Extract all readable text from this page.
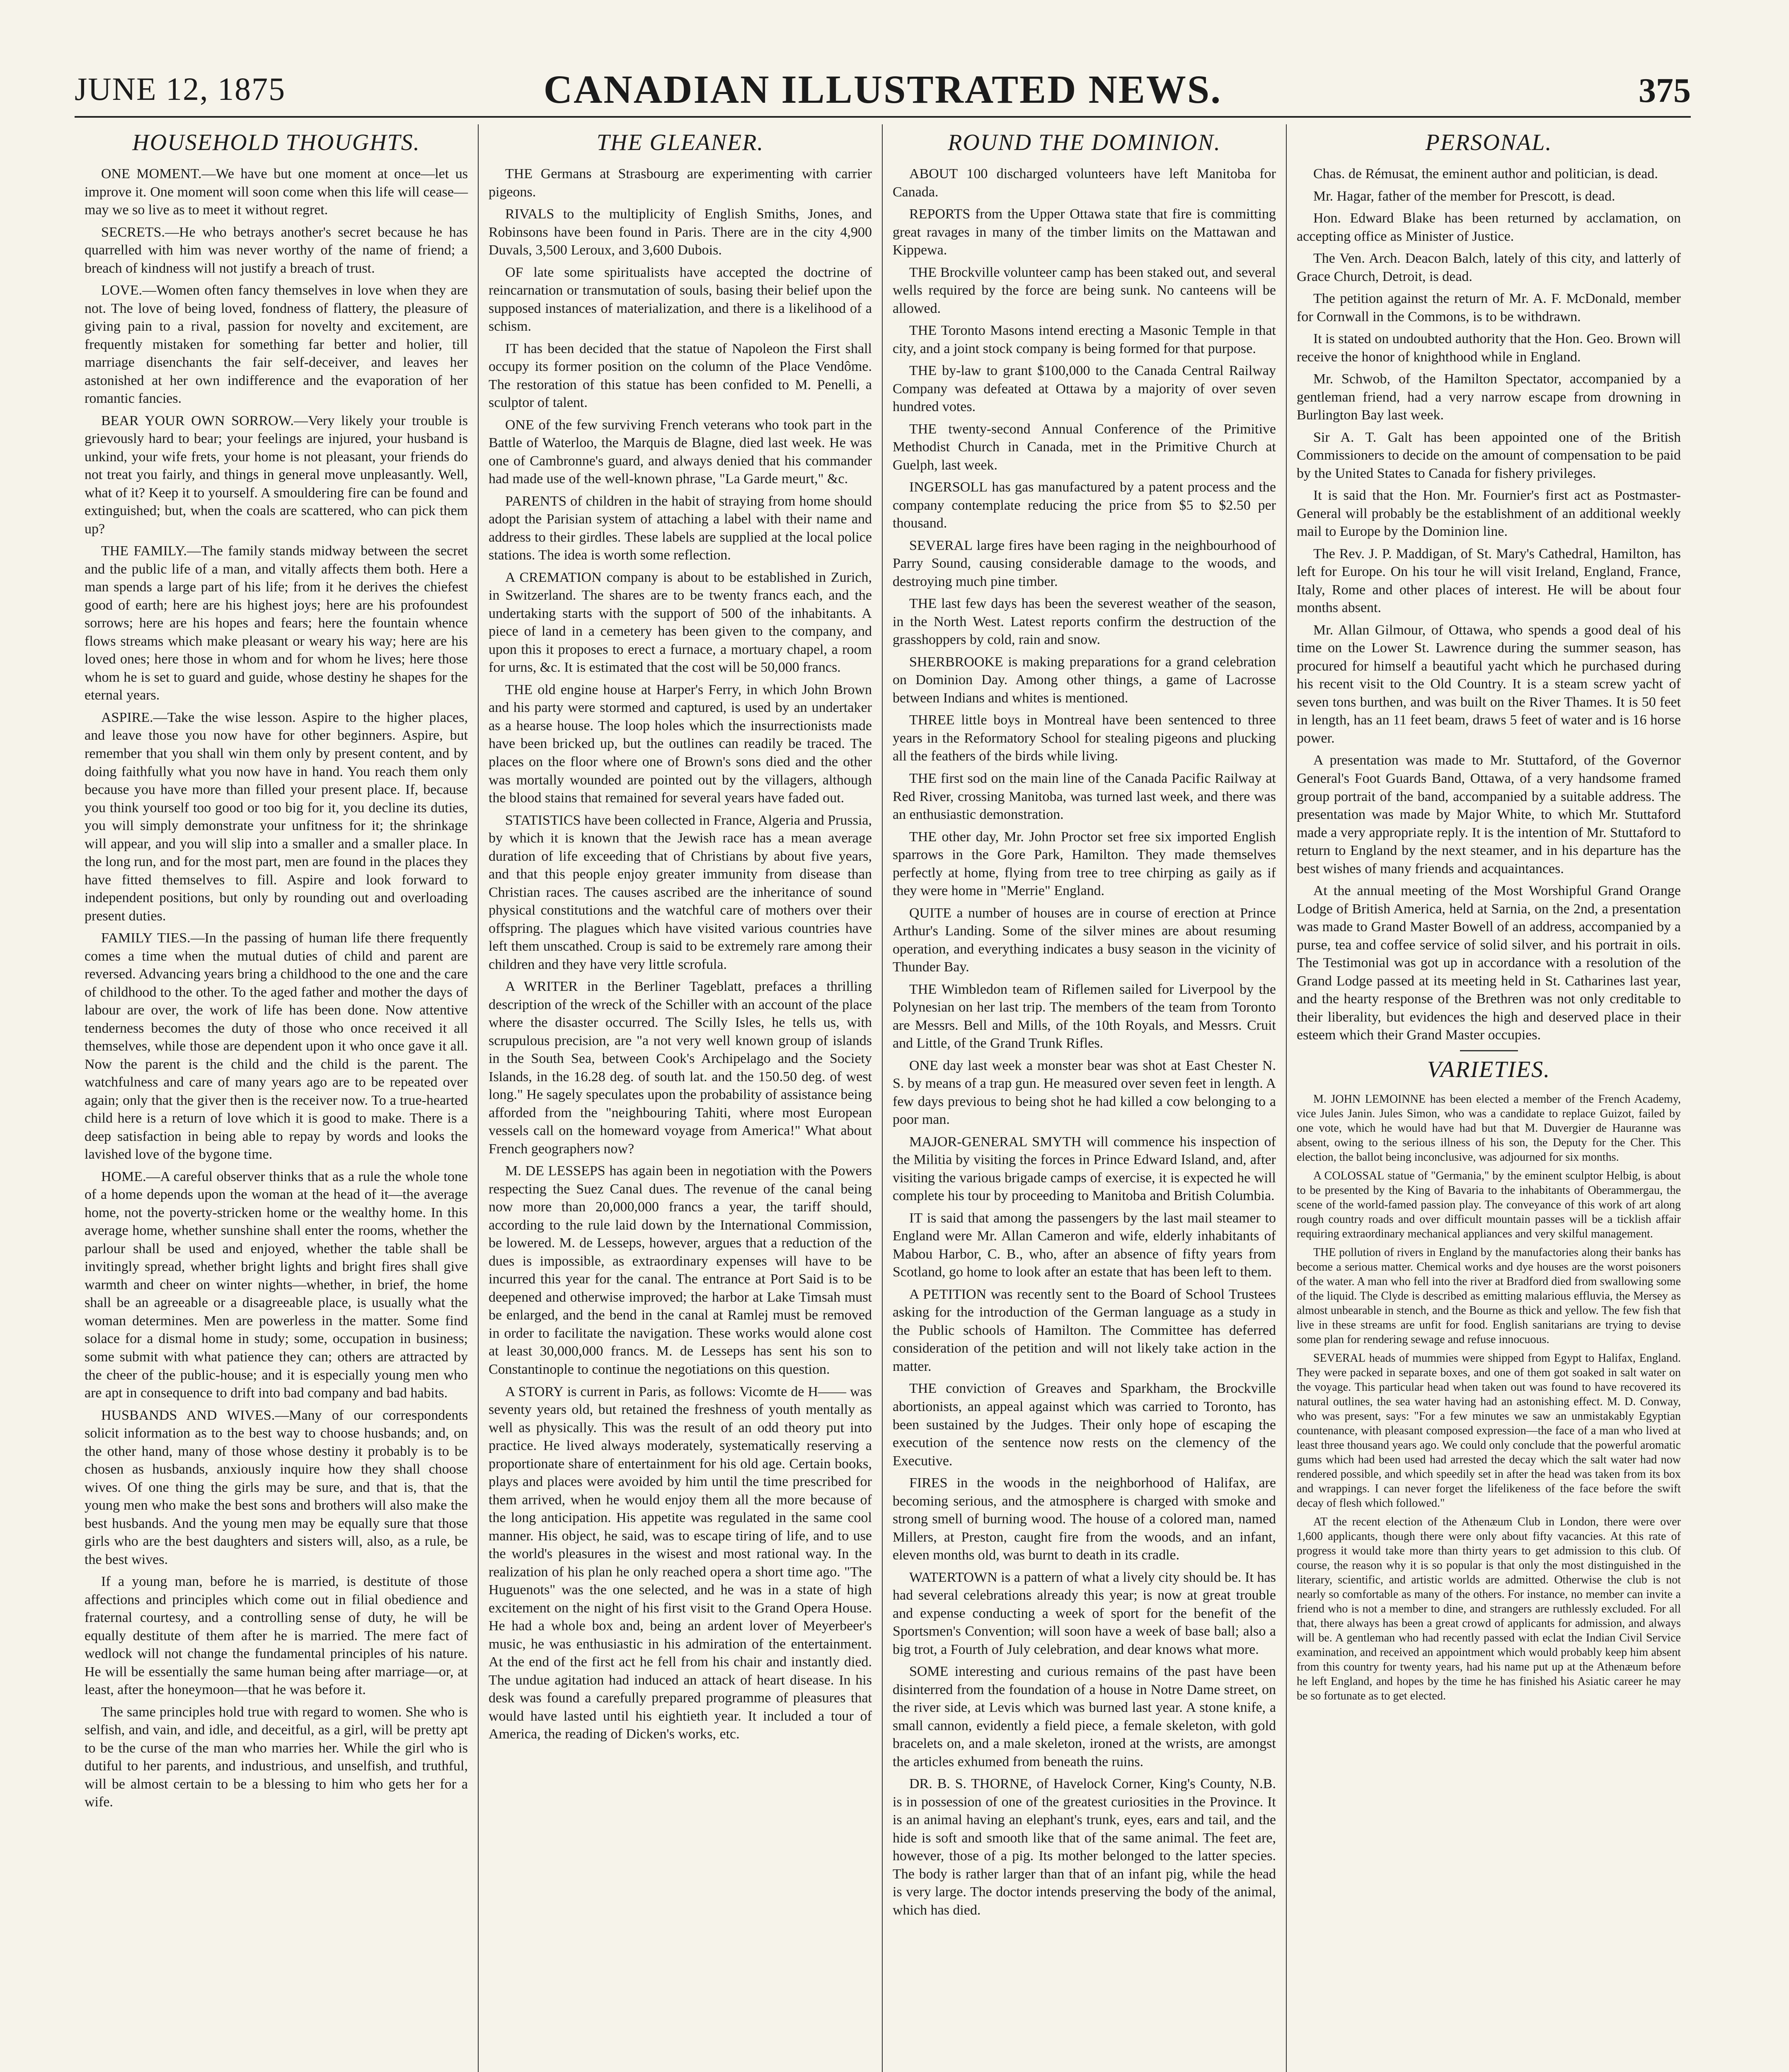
JUNE 12, 1875	CANADIAN ILLUSTRATED NEWS.	375
HOUSEHOLD THOUGHTS.

ONE MOMENT.—We have but one moment at once—let us improve it. One moment will soon come when this life will cease—may we so live as to meet it without regret.

SECRETS.—He who betrays another's secret because he has quarrelled with him was never worthy of the name of friend; a breach of kindness will not justify a breach of trust.

LOVE.—Women often fancy themselves in love when they are not. The love of being loved, fondness of flattery, the pleasure of giving pain to a rival, passion for novelty and excitement, are frequently mistaken for something far better and holier, till marriage disenchants the fair self-deceiver, and leaves her astonished at her own indifference and the evaporation of her romantic fancies.

BEAR YOUR OWN SORROW.—Very likely your trouble is grievously hard to bear; your feelings are injured, your husband is unkind, your wife frets, your home is not pleasant, your friends do not treat you fairly, and things in general move unpleasantly. Well, what of it? Keep it to yourself. A smouldering fire can be found and extinguished; but, when the coals are scattered, who can pick them up?

THE FAMILY.—The family stands midway between the secret and the public life of a man, and vitally affects them both. Here a man spends a large part of his life; from it he derives the chiefest good of earth; here are his highest joys; here are his profoundest sorrows; here are his hopes and fears; here the fountain whence flows streams which make pleasant or weary his way; here are his loved ones; here those in whom and for whom he lives; here those whom he is set to guard and guide, whose destiny he shapes for the eternal years.

ASPIRE.—Take the wise lesson. Aspire to the higher places, and leave those you now have for other beginners. Aspire, but remember that you shall win them only by present content, and by doing faithfully what you now have in hand. You reach them only because you have more than filled your present place. If, because you think yourself too good or too big for it, you decline its duties, you will simply demonstrate your unfitness for it; the shrinkage will appear, and you will slip into a smaller and a smaller place. In the long run, and for the most part, men are found in the places they have fitted themselves to fill. Aspire and look forward to independent positions, but only by rounding out and overloading present duties.

FAMILY TIES.—In the passing of human life there frequently comes a time when the mutual duties of child and parent are reversed. Advancing years bring a childhood to the one and the care of childhood to the other. To the aged father and mother the days of labour are over, the work of life has been done. Now attentive tenderness becomes the duty of those who once received it all themselves, while those are dependent upon it who once gave it all. Now the parent is the child and the child is the parent. The watchfulness and care of many years ago are to be repeated over again; only that the giver then is the receiver now. To a true-hearted child here is a return of love which it is good to make. There is a deep satisfaction in being able to repay by words and looks the lavished love of the bygone time.

HOME.—A careful observer thinks that as a rule the whole tone of a home depends upon the woman at the head of it—the average home, not the poverty-stricken home or the wealthy home. In this average home, whether sunshine shall enter the rooms, whether the parlour shall be used and enjoyed, whether the table shall be invitingly spread, whether bright lights and bright fires shall give warmth and cheer on winter nights—whether, in brief, the home shall be an agreeable or a disagreeable place, is usually what the woman determines. Men are powerless in the matter. Some find solace for a dismal home in study; some, occupation in business; some submit with what patience they can; others are attracted by the cheer of the public-house; and it is especially young men who are apt in consequence to drift into bad company and bad habits.

HUSBANDS AND WIVES.—Many of our correspondents solicit information as to the best way to choose husbands; and, on the other hand, many of those whose destiny it probably is to be chosen as husbands, anxiously inquire how they shall choose wives. Of one thing the girls may be sure, and that is, that the young men who make the best sons and brothers will also make the best husbands. And the young men may be equally sure that those girls who are the best daughters and sisters will, also, as a rule, be the best wives.

If a young man, before he is married, is destitute of those affections and principles which come out in filial obedience and fraternal courtesy, and a controlling sense of duty, he will be equally destitute of them after he is married. The mere fact of wedlock will not change the fundamental principles of his nature. He will be essentially the same human being after marriage—or, at least, after the honeymoon—that he was before it.

The same principles hold true with regard to women. She who is selfish, and vain, and idle, and deceitful, as a girl, will be pretty apt to be the curse of the man who marries her. While the girl who is dutiful to her parents, and industrious, and unselfish, and truthful, will be almost certain to be a blessing to him who gets her for a wife.

THE GLEANER.

THE Germans at Strasbourg are experimenting with carrier pigeons.

RIVALS to the multiplicity of English Smiths, Jones, and Robinsons have been found in Paris. There are in the city 4,900 Duvals, 3,500 Leroux, and 3,600 Dubois.

OF late some spiritualists have accepted the doctrine of reincarnation or transmutation of souls, basing their belief upon the supposed instances of materialization, and there is a likelihood of a schism.

IT has been decided that the statue of Napoleon the First shall occupy its former position on the column of the Place Vendôme. The restoration of this statue has been confided to M. Penelli, a sculptor of talent.

ONE of the few surviving French veterans who took part in the Battle of Waterloo, the Marquis de Blagne, died last week. He was one of Cambronne's guard, and always denied that his commander had made use of the well-known phrase, "La Garde meurt," &c.

PARENTS of children in the habit of straying from home should adopt the Parisian system of attaching a label with their name and address to their girdles. These labels are supplied at the local police stations. The idea is worth some reflection.

A CREMATION company is about to be established in Zurich, in Switzerland. The shares are to be twenty francs each, and the undertaking starts with the support of 500 of the inhabitants. A piece of land in a cemetery has been given to the company, and upon this it proposes to erect a furnace, a mortuary chapel, a room for urns, &c. It is estimated that the cost will be 50,000 francs.

THE old engine house at Harper's Ferry, in which John Brown and his party were stormed and captured, is used by an undertaker as a hearse house. The loop holes which the insurrectionists made have been bricked up, but the outlines can readily be traced. The places on the floor where one of Brown's sons died and the other was mortally wounded are pointed out by the villagers, although the blood stains that remained for several years have faded out.

STATISTICS have been collected in France, Algeria and Prussia, by which it is known that the Jewish race has a mean average duration of life exceeding that of Christians by about five years, and that this people enjoy greater immunity from disease than Christian races. The causes ascribed are the inheritance of sound physical constitutions and the watchful care of mothers over their offspring. The plagues which have visited various countries have left them unscathed. Croup is said to be extremely rare among their children and they have very little scrofula.

A WRITER in the Berliner Tageblatt, prefaces a thrilling description of the wreck of the Schiller with an account of the place where the disaster occurred. The Scilly Isles, he tells us, with scrupulous precision, are "a not very well known group of islands in the South Sea, between Cook's Archipelago and the Society Islands, in the 16.28 deg. of south lat. and the 150.50 deg. of west long." He sagely speculates upon the probability of assistance being afforded from the "neighbouring Tahiti, where most European vessels call on the homeward voyage from America!" What about French geographers now?

M. DE LESSEPS has again been in negotiation with the Powers respecting the Suez Canal dues. The revenue of the canal being now more than 20,000,000 francs a year, the tariff should, according to the rule laid down by the International Commission, be lowered. M. de Lesseps, however, argues that a reduction of the dues is impossible, as extraordinary expenses will have to be incurred this year for the canal. The entrance at Port Said is to be deepened and otherwise improved; the harbor at Lake Timsah must be enlarged, and the bend in the canal at Ramlej must be removed in order to facilitate the navigation. These works would alone cost at least 30,000,000 francs. M. de Lesseps has sent his son to Constantinople to continue the negotiations on this question.

A STORY is current in Paris, as follows: Vicomte de H—— was seventy years old, but retained the freshness of youth mentally as well as physically. This was the result of an odd theory put into practice. He lived always moderately, systematically reserving a proportionate share of entertainment for his old age. Certain books, plays and places were avoided by him until the time prescribed for them arrived, when he would enjoy them all the more because of the long anticipation. His appetite was regulated in the same cool manner. His object, he said, was to escape tiring of life, and to use the world's pleasures in the wisest and most rational way. In the realization of his plan he only reached opera a short time ago. "The Huguenots" was the one selected, and he was in a state of high excitement on the night of his first visit to the Grand Opera House. He had a whole box and, being an ardent lover of Meyerbeer's music, he was enthusiastic in his admiration of the entertainment. At the end of the first act he fell from his chair and instantly died. The undue agitation had induced an attack of heart disease. In his desk was found a carefully prepared programme of pleasures that would have lasted until his eightieth year. It included a tour of America, the reading of Dicken's works, etc.

ROUND THE DOMINION.

ABOUT 100 discharged volunteers have left Manitoba for Canada.

REPORTS from the Upper Ottawa state that fire is committing great ravages in many of the timber limits on the Mattawan and Kippewa.

THE Brockville volunteer camp has been staked out, and several wells required by the force are being sunk. No canteens will be allowed.

THE Toronto Masons intend erecting a Masonic Temple in that city, and a joint stock company is being formed for that purpose.

THE by-law to grant $100,000 to the Canada Central Railway Company was defeated at Ottawa by a majority of over seven hundred votes.

THE twenty-second Annual Conference of the Primitive Methodist Church in Canada, met in the Primitive Church at Guelph, last week.

INGERSOLL has gas manufactured by a patent process and the company contemplate reducing the price from $5 to $2.50 per thousand.

SEVERAL large fires have been raging in the neighbourhood of Parry Sound, causing considerable damage to the woods, and destroying much pine timber.

THE last few days has been the severest weather of the season, in the North West. Latest reports confirm the destruction of the grasshoppers by cold, rain and snow.

SHERBROOKE is making preparations for a grand celebration on Dominion Day. Among other things, a game of Lacrosse between Indians and whites is mentioned.

THREE little boys in Montreal have been sentenced to three years in the Reformatory School for stealing pigeons and plucking all the feathers of the birds while living.

THE first sod on the main line of the Canada Pacific Railway at Red River, crossing Manitoba, was turned last week, and there was an enthusiastic demonstration.

THE other day, Mr. John Proctor set free six imported English sparrows in the Gore Park, Hamilton. They made themselves perfectly at home, flying from tree to tree chirping as gaily as if they were home in "Merrie" England.

QUITE a number of houses are in course of erection at Prince Arthur's Landing. Some of the silver mines are about resuming operation, and everything indicates a busy season in the vicinity of Thunder Bay.

THE Wimbledon team of Riflemen sailed for Liverpool by the Polynesian on her last trip. The members of the team from Toronto are Messrs. Bell and Mills, of the 10th Royals, and Messrs. Cruit and Little, of the Grand Trunk Rifles.

ONE day last week a monster bear was shot at East Chester N. S. by means of a trap gun. He measured over seven feet in length. A few days previous to being shot he had killed a cow belonging to a poor man.

MAJOR-GENERAL SMYTH will commence his inspection of the Militia by visiting the forces in Prince Edward Island, and, after visiting the various brigade camps of exercise, it is expected he will complete his tour by proceeding to Manitoba and British Columbia.

IT is said that among the passengers by the last mail steamer to England were Mr. Allan Cameron and wife, elderly inhabitants of Mabou Harbor, C. B., who, after an absence of fifty years from Scotland, go home to look after an estate that has been left to them.

A PETITION was recently sent to the Board of School Trustees asking for the introduction of the German language as a study in the Public schools of Hamilton. The Committee has deferred consideration of the petition and will not likely take action in the matter.

THE conviction of Greaves and Sparkham, the Brockville abortionists, an appeal against which was carried to Toronto, has been sustained by the Judges. Their only hope of escaping the execution of the sentence now rests on the clemency of the Executive.

FIRES in the woods in the neighborhood of Halifax, are becoming serious, and the atmosphere is charged with smoke and strong smell of burning wood. The house of a colored man, named Millers, at Preston, caught fire from the woods, and an infant, eleven months old, was burnt to death in its cradle.

WATERTOWN is a pattern of what a lively city should be. It has had several celebrations already this year; is now at great trouble and expense conducting a week of sport for the benefit of the Sportsmen's Convention; will soon have a week of base ball; also a big trot, a Fourth of July celebration, and dear knows what more.

SOME interesting and curious remains of the past have been disinterred from the foundation of a house in Notre Dame street, on the river side, at Levis which was burned last year. A stone knife, a small cannon, evidently a field piece, a female skeleton, with gold bracelets on, and a male skeleton, ironed at the wrists, are amongst the articles exhumed from beneath the ruins.

DR. B. S. THORNE, of Havelock Corner, King's County, N.B. is in possession of one of the greatest curiosities in the Province. It is an animal having an elephant's trunk, eyes, ears and tail, and the hide is soft and smooth like that of the same animal. The feet are, however, those of a pig. Its mother belonged to the latter species. The body is rather larger than that of an infant pig, while the head is very large. The doctor intends preserving the body of the animal, which has died.

PERSONAL.

Chas. de Rémusat, the eminent author and politician, is dead.

Mr. Hagar, father of the member for Prescott, is dead.

Hon. Edward Blake has been returned by acclamation, on accepting office as Minister of Justice.

The Ven. Arch. Deacon Balch, lately of this city, and latterly of Grace Church, Detroit, is dead.

The petition against the return of Mr. A. F. McDonald, member for Cornwall in the Commons, is to be withdrawn.

It is stated on undoubted authority that the Hon. Geo. Brown will receive the honor of knighthood while in England.

Mr. Schwob, of the Hamilton Spectator, accompanied by a gentleman friend, had a very narrow escape from drowning in Burlington Bay last week.

Sir A. T. Galt has been appointed one of the British Commissioners to decide on the amount of compensation to be paid by the United States to Canada for fishery privileges.

It is said that the Hon. Mr. Fournier's first act as Postmaster-General will probably be the establishment of an additional weekly mail to Europe by the Dominion line.

The Rev. J. P. Maddigan, of St. Mary's Cathedral, Hamilton, has left for Europe. On his tour he will visit Ireland, England, France, Italy, Rome and other places of interest. He will be about four months absent.

Mr. Allan Gilmour, of Ottawa, who spends a good deal of his time on the Lower St. Lawrence during the summer season, has procured for himself a beautiful yacht which he purchased during his recent visit to the Old Country. It is a steam screw yacht of seven tons burthen, and was built on the River Thames. It is 50 feet in length, has an 11 feet beam, draws 5 feet of water and is 16 horse power.

A presentation was made to Mr. Stuttaford, of the Governor General's Foot Guards Band, Ottawa, of a very handsome framed group portrait of the band, accompanied by a suitable address. The presentation was made by Major White, to which Mr. Stuttaford made a very appropriate reply. It is the intention of Mr. Stuttaford to return to England by the next steamer, and in his departure has the best wishes of many friends and acquaintances.

At the annual meeting of the Most Worshipful Grand Orange Lodge of British America, held at Sarnia, on the 2nd, a presentation was made to Grand Master Bowell of an address, accompanied by a purse, tea and coffee service of solid silver, and his portrait in oils. The Testimonial was got up in accordance with a resolution of the Grand Lodge passed at its meeting held in St. Catharines last year, and the hearty response of the Brethren was not only creditable to their liberality, but evidences the high and deserved place in their esteem which their Grand Master occupies.

VARIETIES.

M. JOHN LEMOINNE has been elected a member of the French Academy, vice Jules Janin. Jules Simon, who was a candidate to replace Guizot, failed by one vote, which he would have had but that M. Duvergier de Hauranne was absent, owing to the serious illness of his son, the Deputy for the Cher. This election, the ballot being inconclusive, was adjourned for six months.

A COLOSSAL statue of "Germania," by the eminent sculptor Helbig, is about to be presented by the King of Bavaria to the inhabitants of Oberammergau, the scene of the world-famed passion play. The conveyance of this work of art along rough country roads and over difficult mountain passes will be a ticklish affair requiring extraordinary mechanical appliances and very skilful management.

THE pollution of rivers in England by the manufactories along their banks has become a serious matter. Chemical works and dye houses are the worst poisoners of the water. A man who fell into the river at Bradford died from swallowing some of the liquid. The Clyde is described as emitting malarious effluvia, the Mersey as almost unbearable in stench, and the Bourne as thick and yellow. The few fish that live in these streams are unfit for food. English sanitarians are trying to devise some plan for rendering sewage and refuse innocuous.

SEVERAL heads of mummies were shipped from Egypt to Halifax, England. They were packed in separate boxes, and one of them got soaked in salt water on the voyage. This particular head when taken out was found to have recovered its natural outlines, the sea water having had an astonishing effect. M. D. Conway, who was present, says: "For a few minutes we saw an unmistakably Egyptian countenance, with pleasant composed expression—the face of a man who lived at least three thousand years ago. We could only conclude that the powerful aromatic gums which had been used had arrested the decay which the salt water had now rendered possible, and which speedily set in after the head was taken from its box and wrappings. I can never forget the lifelikeness of the face before the swift decay of flesh which followed."

AT the recent election of the Athenæum Club in London, there were over 1,600 applicants, though there were only about fifty vacancies. At this rate of progress it would take more than thirty years to get admission to this club. Of course, the reason why it is so popular is that only the most distinguished in the literary, scientific, and artistic worlds are admitted. Otherwise the club is not nearly so comfortable as many of the others. For instance, no member can invite a friend who is not a member to dine, and strangers are ruthlessly excluded. For all that, there always has been a great crowd of applicants for admission, and always will be. A gentleman who had recently passed with eclat the Indian Civil Service examination, and received an appointment which would probably keep him absent from this country for twenty years, had his name put up at the Athenæum before he left England, and hopes by the time he has finished his Asiatic career he may be so fortunate as to get elected.
